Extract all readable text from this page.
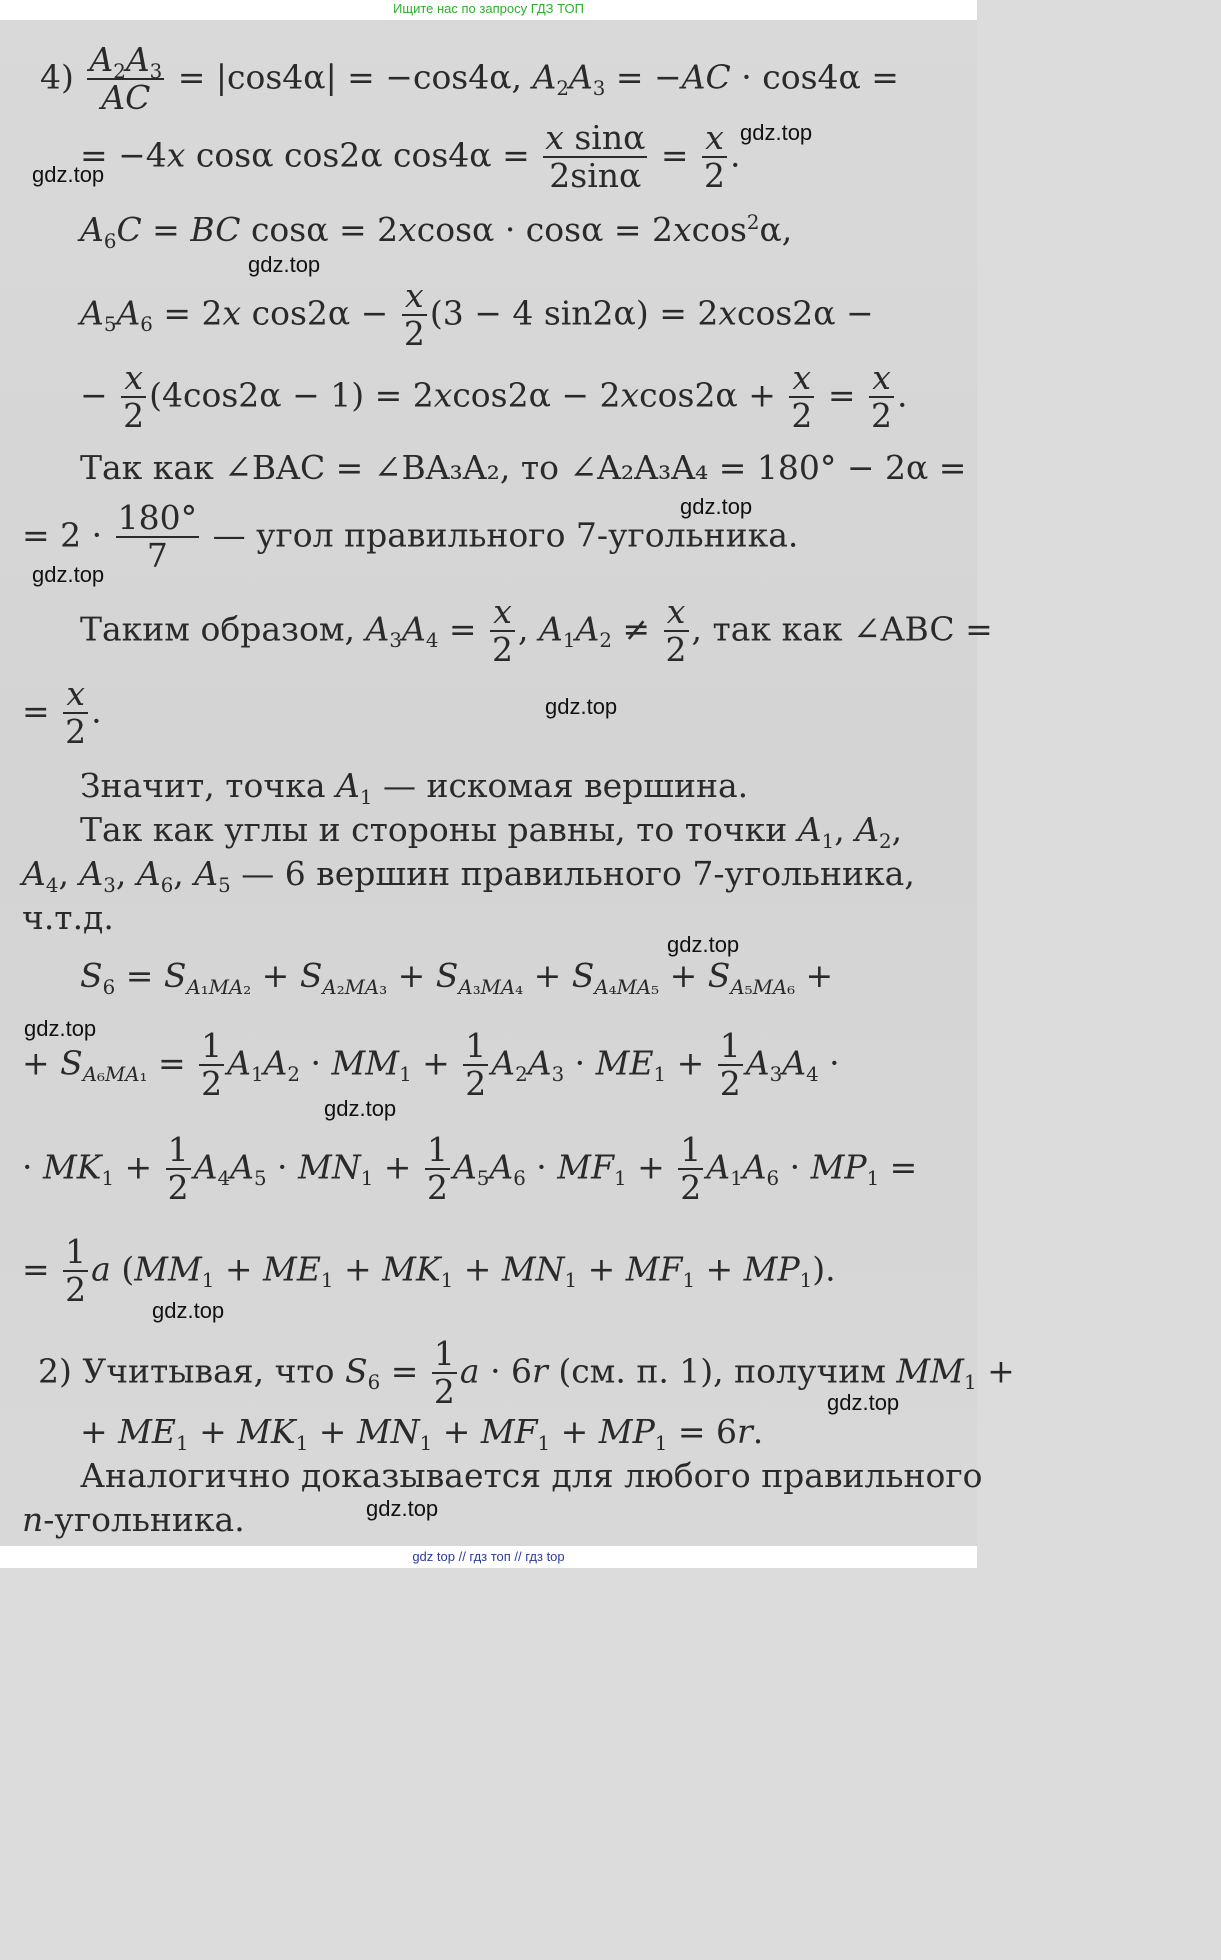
Ищите нас по запросу ГДЗ ТОП
$4) \frac{A_2A_3}{AC} = |\cos 4\alpha| = -\cos 4\alpha$, $A_2A_3 = -AC \cdot \cos 4\alpha$ =
= −4x cosα cos2α $\cos 4\alpha = \frac{\text{x sinα}}{2\sin\alpha} = \frac{x}{2}$ .
$A_6C$ = BC cosα = 2xcosα · cosα = 2xcos$^2$α,
$A_5A_6 = 2x$ $\cos 2\alpha - \frac{x}{2} (3 - 4$ sin2α) = 2xcos2α −
− $\frac{x}{2} (4\cos 2\alpha - 1) = 2xcos2\alpha - 2xcos2\alpha + \frac{x}{2} = \frac{x}{2}$ .
Так как ∠BAC = ∠BA₃A₂, то ∠A₂A₃A₄ = 180° − 2α =
= $2 \cdot \frac{180^\circ}{7}$ — угол правильного 7-угольника.
Таким образом, $A_3A_4 = \frac{x}{2}$ , $A_1A_2 \ne \frac{x}{2}$ , так как ∠ABC =
= $\frac{x}{2}$ .
Значит, точка $A_1$ — искомая вершина.
Так как углы и стороны равны, то точки $A_1$, $A_2$,
$A_4$, $A_3$, $A_6$, $A_5$ — 6 вершин правильного 7-угольника,
ч.т.д.
$S_6 = S_{A_1MA_2} + S_{A_2MA_3} + S_{A_3MA_4} + S_{A_4MA_5} + S_{A_5MA_6}$ +
+ $S_{A_6MA_1} = \frac{1}{2} A_1A_2 \cdot MM_1 + \frac{1}{2} A_2A_3 \cdot ME_1 + \frac{1}{2} A_3A_4$ ·
· $MK_1 + \frac{1}{2} A_4A_5 \cdot MN_1 + \frac{1}{2} A_5A_6 \cdot MF_1 + \frac{1}{2} A_1A_6 \cdot MP_1$ =
= $\frac{1}{2}$ a $(MM_1 + ME_1 + MK_1 + MN_1 + MF_1 + MP_1)$.
2) Учитывая, что $S_6 = \frac{1}{2}$ a · 6r (см. п. 1), получим $MM_1$ +
+ $ME_1 + MK_1 + MN_1 + MF_1 + MP_1 = 6r$.
Аналогично доказывается для любого правильного
n-угольника.
gdz.top
gdz.top
gdz.top
gdz.top
gdz.top
gdz.top
gdz.top
gdz.top
gdz.top
gdz.top
gdz.top
gdz.top
gdz top // гдз топ // гдз top
